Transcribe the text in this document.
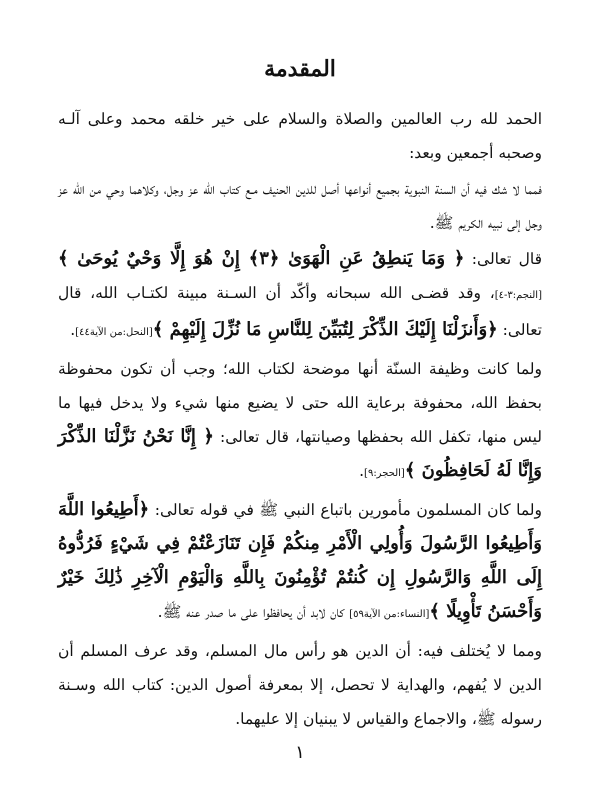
المقدمة

الحمد لله رب العالمين والصلاة والسلام على خير خلقه محمد وعلى آلـه وصحبه أجمعين وبعد:

فمما لا شك فيه أن السنة النبوية بجميع أنواعها أصل للدين الحنيف مـع كتاب الله عز وجل، وكلاهما وحي من الله عز وجل إلى نبيه الكريم ﷺ.

قال تعالى: ﴿ وَمَا يَنطِقُ عَنِ الْهَوَىٰ ﴿٣﴾ إِنْ هُوَ إِلَّا وَحْيٌ يُوحَىٰ ﴾[النجم:٣-٤]، وقد قضـى الله سبحانه وأكّد أن السـنة مبينة لكتـاب الله، قال تعالى: ﴿وَأَنزَلْنَا إِلَيْكَ الذِّكْرَ لِتُبَيِّنَ لِلنَّاسِ مَا نُزِّلَ إِلَيْهِمْ ﴾[النحل:من الآية٤٤].

ولما كانت وظيفة السنّة أنها موضحة لكتاب الله؛ وجب أن تكون محفوظة بحفظ الله، محفوفة برعاية الله حتى لا يضيع منها شيء ولا يدخل فيها ما ليس منها، تكفل الله بحفظها وصيانتها، قال تعالى: ﴿ إِنَّا نَحْنُ نَزَّلْنَا الذِّكْرَ وَإِنَّا لَهُ لَحَافِظُونَ ﴾[الحجر:٩].

ولما كان المسلمون مأمورين باتباع النبي ﷺ في قوله تعالى: ﴿أَطِيعُوا اللَّهَ وَأَطِيعُوا الرَّسُولَ وَأُولِي الْأَمْرِ مِنكُمْ فَإِن تَنَازَعْتُمْ فِي شَيْءٍ فَرُدُّوهُ إِلَى اللَّهِ وَالرَّسُولِ إِن كُنتُمْ تُؤْمِنُونَ بِاللَّهِ وَالْيَوْمِ الْآخِرِ ذَٰلِكَ خَيْرٌ وَأَحْسَنُ تَأْوِيلًا ﴾[النساء:من الآية٥٩] كان لابد أن يحافظوا على ما صدر عنه ﷺ.

ومما لا يُختلف فيه: أن الدين هو رأس مال المسلم، وقد عرف المسلم أن الدين لا يُفهم، والهداية لا تحصل، إلا بمعرفة أصول الدين: كتاب الله وسـنة رسوله ﷺ، والاجماع والقياس لا يبنيان إلا عليهما.

١
